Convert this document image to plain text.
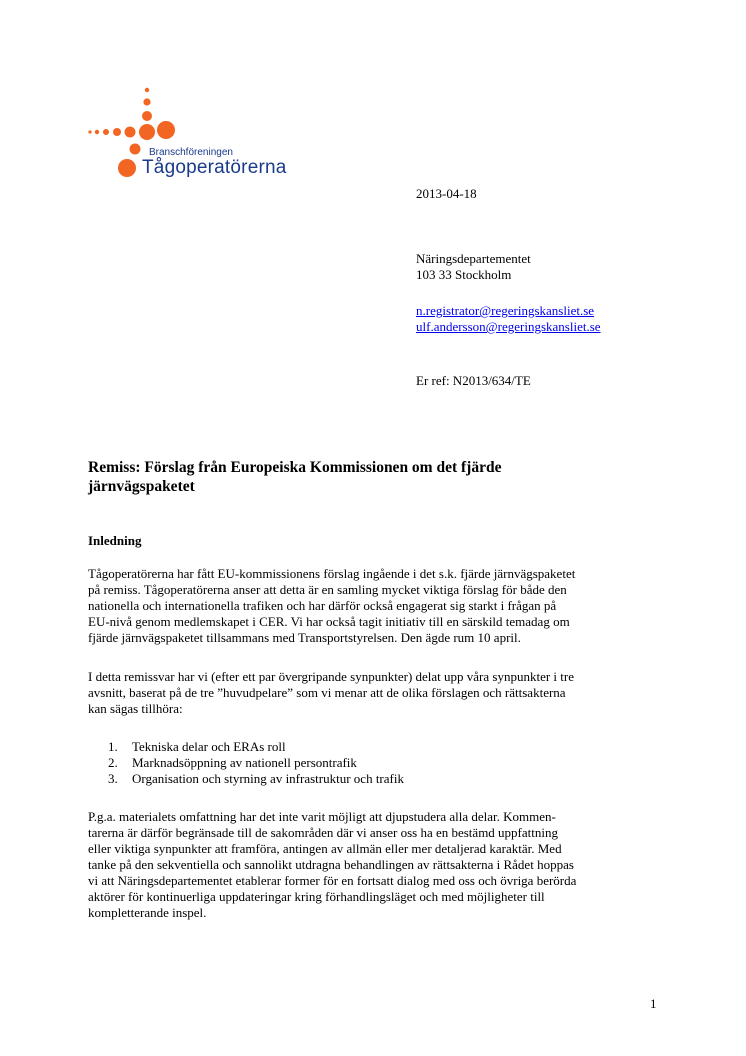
Branschföreningen
Tågoperatörerna
2013-04-18
Näringsdepartementet
103 33 Stockholm
n.registrator@regeringskansliet.se
ulf.andersson@regeringskansliet.se
Er ref: N2013/634/TE
Remiss: Förslag från Europeiska Kommissionen om det fjärde
järnvägspaketet
Inledning
Tågoperatörerna har fått EU-kommissionens förslag ingående i det s.k. fjärde järnvägspaketet
på remiss. Tågoperatörerna anser att detta är en samling mycket viktiga förslag för både den
nationella och internationella trafiken och har därför också engagerat sig starkt i frågan på
EU-nivå genom medlemskapet i CER. Vi har också tagit initiativ till en särskild temadag om
fjärde järnvägspaketet tillsammans med Transportstyrelsen. Den ägde rum 10 april.
I detta remissvar har vi (efter ett par övergripande synpunkter) delat upp våra synpunkter i tre
avsnitt, baserat på de tre ”huvudpelare” som vi menar att de olika förslagen och rättsakterna
kan sägas tillhöra:
1. Tekniska delar och ERAs roll
2. Marknadsöppning av nationell persontrafik
3. Organisation och styrning av infrastruktur och trafik
P.g.a. materialets omfattning har det inte varit möjligt att djupstudera alla delar. Kommen-
tarerna är därför begränsade till de sakområden där vi anser oss ha en bestämd uppfattning
eller viktiga synpunkter att framföra, antingen av allmän eller mer detaljerad karaktär. Med
tanke på den sekventiella och sannolikt utdragna behandlingen av rättsakterna i Rådet hoppas
vi att Näringsdepartementet etablerar former för en fortsatt dialog med oss och övriga berörda
aktörer för kontinuerliga uppdateringar kring förhandlingsläget och med möjligheter till
kompletterande inspel.
1
